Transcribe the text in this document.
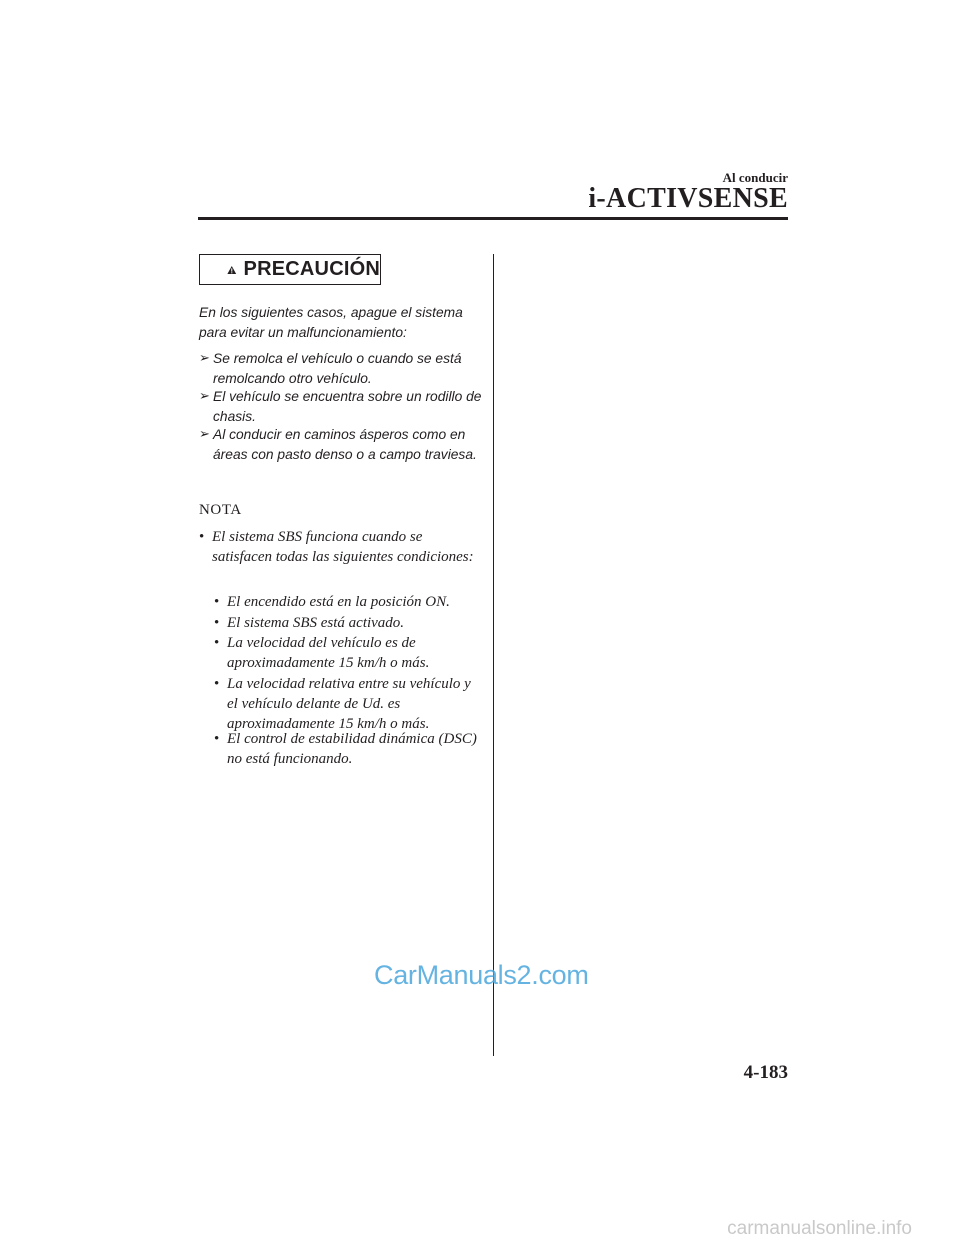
Al conducir
i-ACTIVSENSE
PRECAUCIÓN
En los siguientes casos, apague el sistema para evitar un malfuncionamiento:
➢ Se remolca el vehículo o cuando se está remolcando otro vehículo.
➢ El vehículo se encuentra sobre un rodillo de chasis.
➢ Al conducir en caminos ásperos como en áreas con pasto denso o a campo traviesa.
NOTA
• El sistema SBS funciona cuando se satisfacen todas las siguientes condiciones:
• El encendido está en la posición ON.
• El sistema SBS está activado.
• La velocidad del vehículo es de aproximadamente 15 km/h o más.
• La velocidad relativa entre su vehículo y el vehículo delante de Ud. es aproximadamente 15 km/h o más.
• El control de estabilidad dinámica (DSC) no está funcionando.
CarManuals2.com
4-183
carmanualsonline.info
